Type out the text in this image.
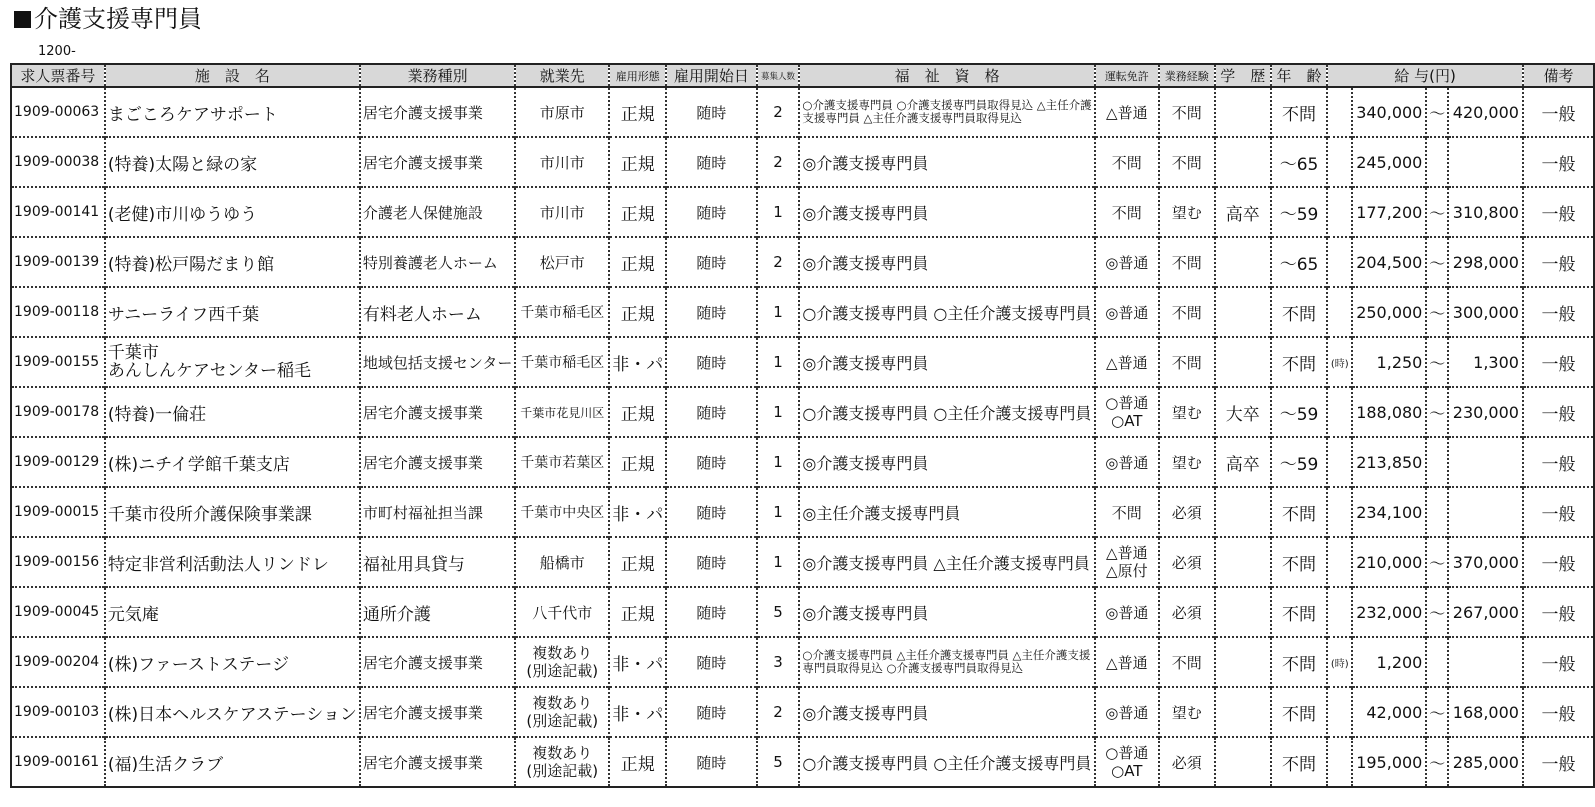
介護支援専門員
1200-
求人票番号	施　設　名	業務種別	就業先	雇用形態	雇用開始日	募集人数	福　祉　資　格	運転免許	業務経験	学　歴	年　齢	給 与(円)				備考
1909-00063	まごころケアサポート	居宅介護支援事業	市原市	正規	随時	2	○介護支援専門員 ○介護支援専門員取得見込 △主任介護支援専門員 △主任介護支援専門員取得見込	△普通	不問		不問		340,000	～	420,000	一般
1909-00038	(特養)太陽と緑の家	居宅介護支援事業	市川市	正規	随時	2	◎介護支援専門員	不問	不問		～65		245,000			一般
1909-00141	(老健)市川ゆうゆう	介護老人保健施設	市川市	正規	随時	1	◎介護支援専門員	不問	望む	高卒	～59		177,200	～	310,800	一般
1909-00139	(特養)松戸陽だまり館	特別養護老人ホーム	松戸市	正規	随時	2	◎介護支援専門員	◎普通	不問		～65		204,500	～	298,000	一般
1909-00118	サニーライフ西千葉	有料老人ホーム	千葉市稲毛区	正規	随時	1	○介護支援専門員 ○主任介護支援専門員	◎普通	不問		不問		250,000	～	300,000	一般
1909-00155	千葉市
あんしんケアセンター稲毛	地域包括支援センター	千葉市稲毛区	非・パ	随時	1	◎介護支援専門員	△普通	不問		不問	(時)	1,250	～	1,300	一般
1909-00178	(特養)一倫荘	居宅介護支援事業	千葉市花見川区	正規	随時	1	○介護支援専門員 ○主任介護支援専門員	○普通
○AT	望む	大卒	～59		188,080	～	230,000	一般
1909-00129	(株)ニチイ学館千葉支店	居宅介護支援事業	千葉市若葉区	正規	随時	1	◎介護支援専門員	◎普通	望む	高卒	～59		213,850			一般
1909-00015	千葉市役所介護保険事業課	市町村福祉担当課	千葉市中央区	非・パ	随時	1	◎主任介護支援専門員	不問	必須		不問		234,100			一般
1909-00156	特定非営利活動法人リンドレ	福祉用具貸与	船橋市	正規	随時	1	◎介護支援専門員 △主任介護支援専門員	△普通
△原付	必須		不問		210,000	～	370,000	一般
1909-00045	元気庵	通所介護	八千代市	正規	随時	5	◎介護支援専門員	◎普通	必須		不問		232,000	～	267,000	一般
1909-00204	(株)ファーストステージ	居宅介護支援事業	複数あり
(別途記載)	非・パ	随時	3	○介護支援専門員 △主任介護支援専門員 △主任介護支援専門員取得見込 ○介護支援専門員取得見込	△普通	不問		不問	(時)	1,200			一般
1909-00103	(株)日本ヘルスケアステーション	居宅介護支援事業	複数あり
(別途記載)	非・パ	随時	2	◎介護支援専門員	◎普通	望む		不問		42,000	～	168,000	一般
1909-00161	(福)生活クラブ	居宅介護支援事業	複数あり
(別途記載)	正規	随時	5	○介護支援専門員 ○主任介護支援専門員	○普通
○AT	必須		不問		195,000	～	285,000	一般
